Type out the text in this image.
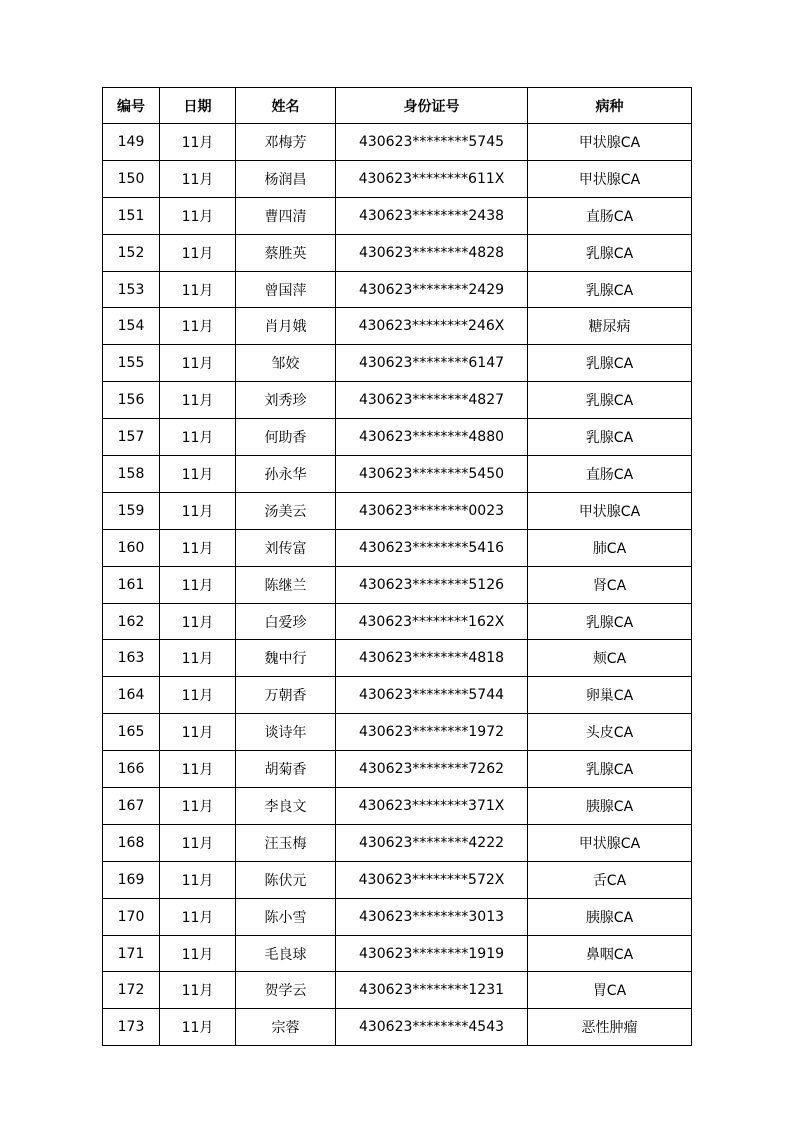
编号	日期	姓名	身份证号	病种
149	11月	邓梅芳	430623********5745	甲状腺CA
150	11月	杨润昌	430623********611X	甲状腺CA
151	11月	曹四清	430623********2438	直肠CA
152	11月	蔡胜英	430623********4828	乳腺CA
153	11月	曾国萍	430623********2429	乳腺CA
154	11月	肖月娥	430623********246X	糖尿病
155	11月	邹姣	430623********6147	乳腺CA
156	11月	刘秀珍	430623********4827	乳腺CA
157	11月	何助香	430623********4880	乳腺CA
158	11月	孙永华	430623********5450	直肠CA
159	11月	汤美云	430623********0023	甲状腺CA
160	11月	刘传富	430623********5416	肺CA
161	11月	陈继兰	430623********5126	肾CA
162	11月	白爱珍	430623********162X	乳腺CA
163	11月	魏中行	430623********4818	颊CA
164	11月	万朝香	430623********5744	卵巢CA
165	11月	谈诗年	430623********1972	头皮CA
166	11月	胡菊香	430623********7262	乳腺CA
167	11月	李良文	430623********371X	胰腺CA
168	11月	汪玉梅	430623********4222	甲状腺CA
169	11月	陈伏元	430623********572X	舌CA
170	11月	陈小雪	430623********3013	胰腺CA
171	11月	毛良球	430623********1919	鼻咽CA
172	11月	贺学云	430623********1231	胃CA
173	11月	宗蓉	430623********4543	恶性肿瘤
